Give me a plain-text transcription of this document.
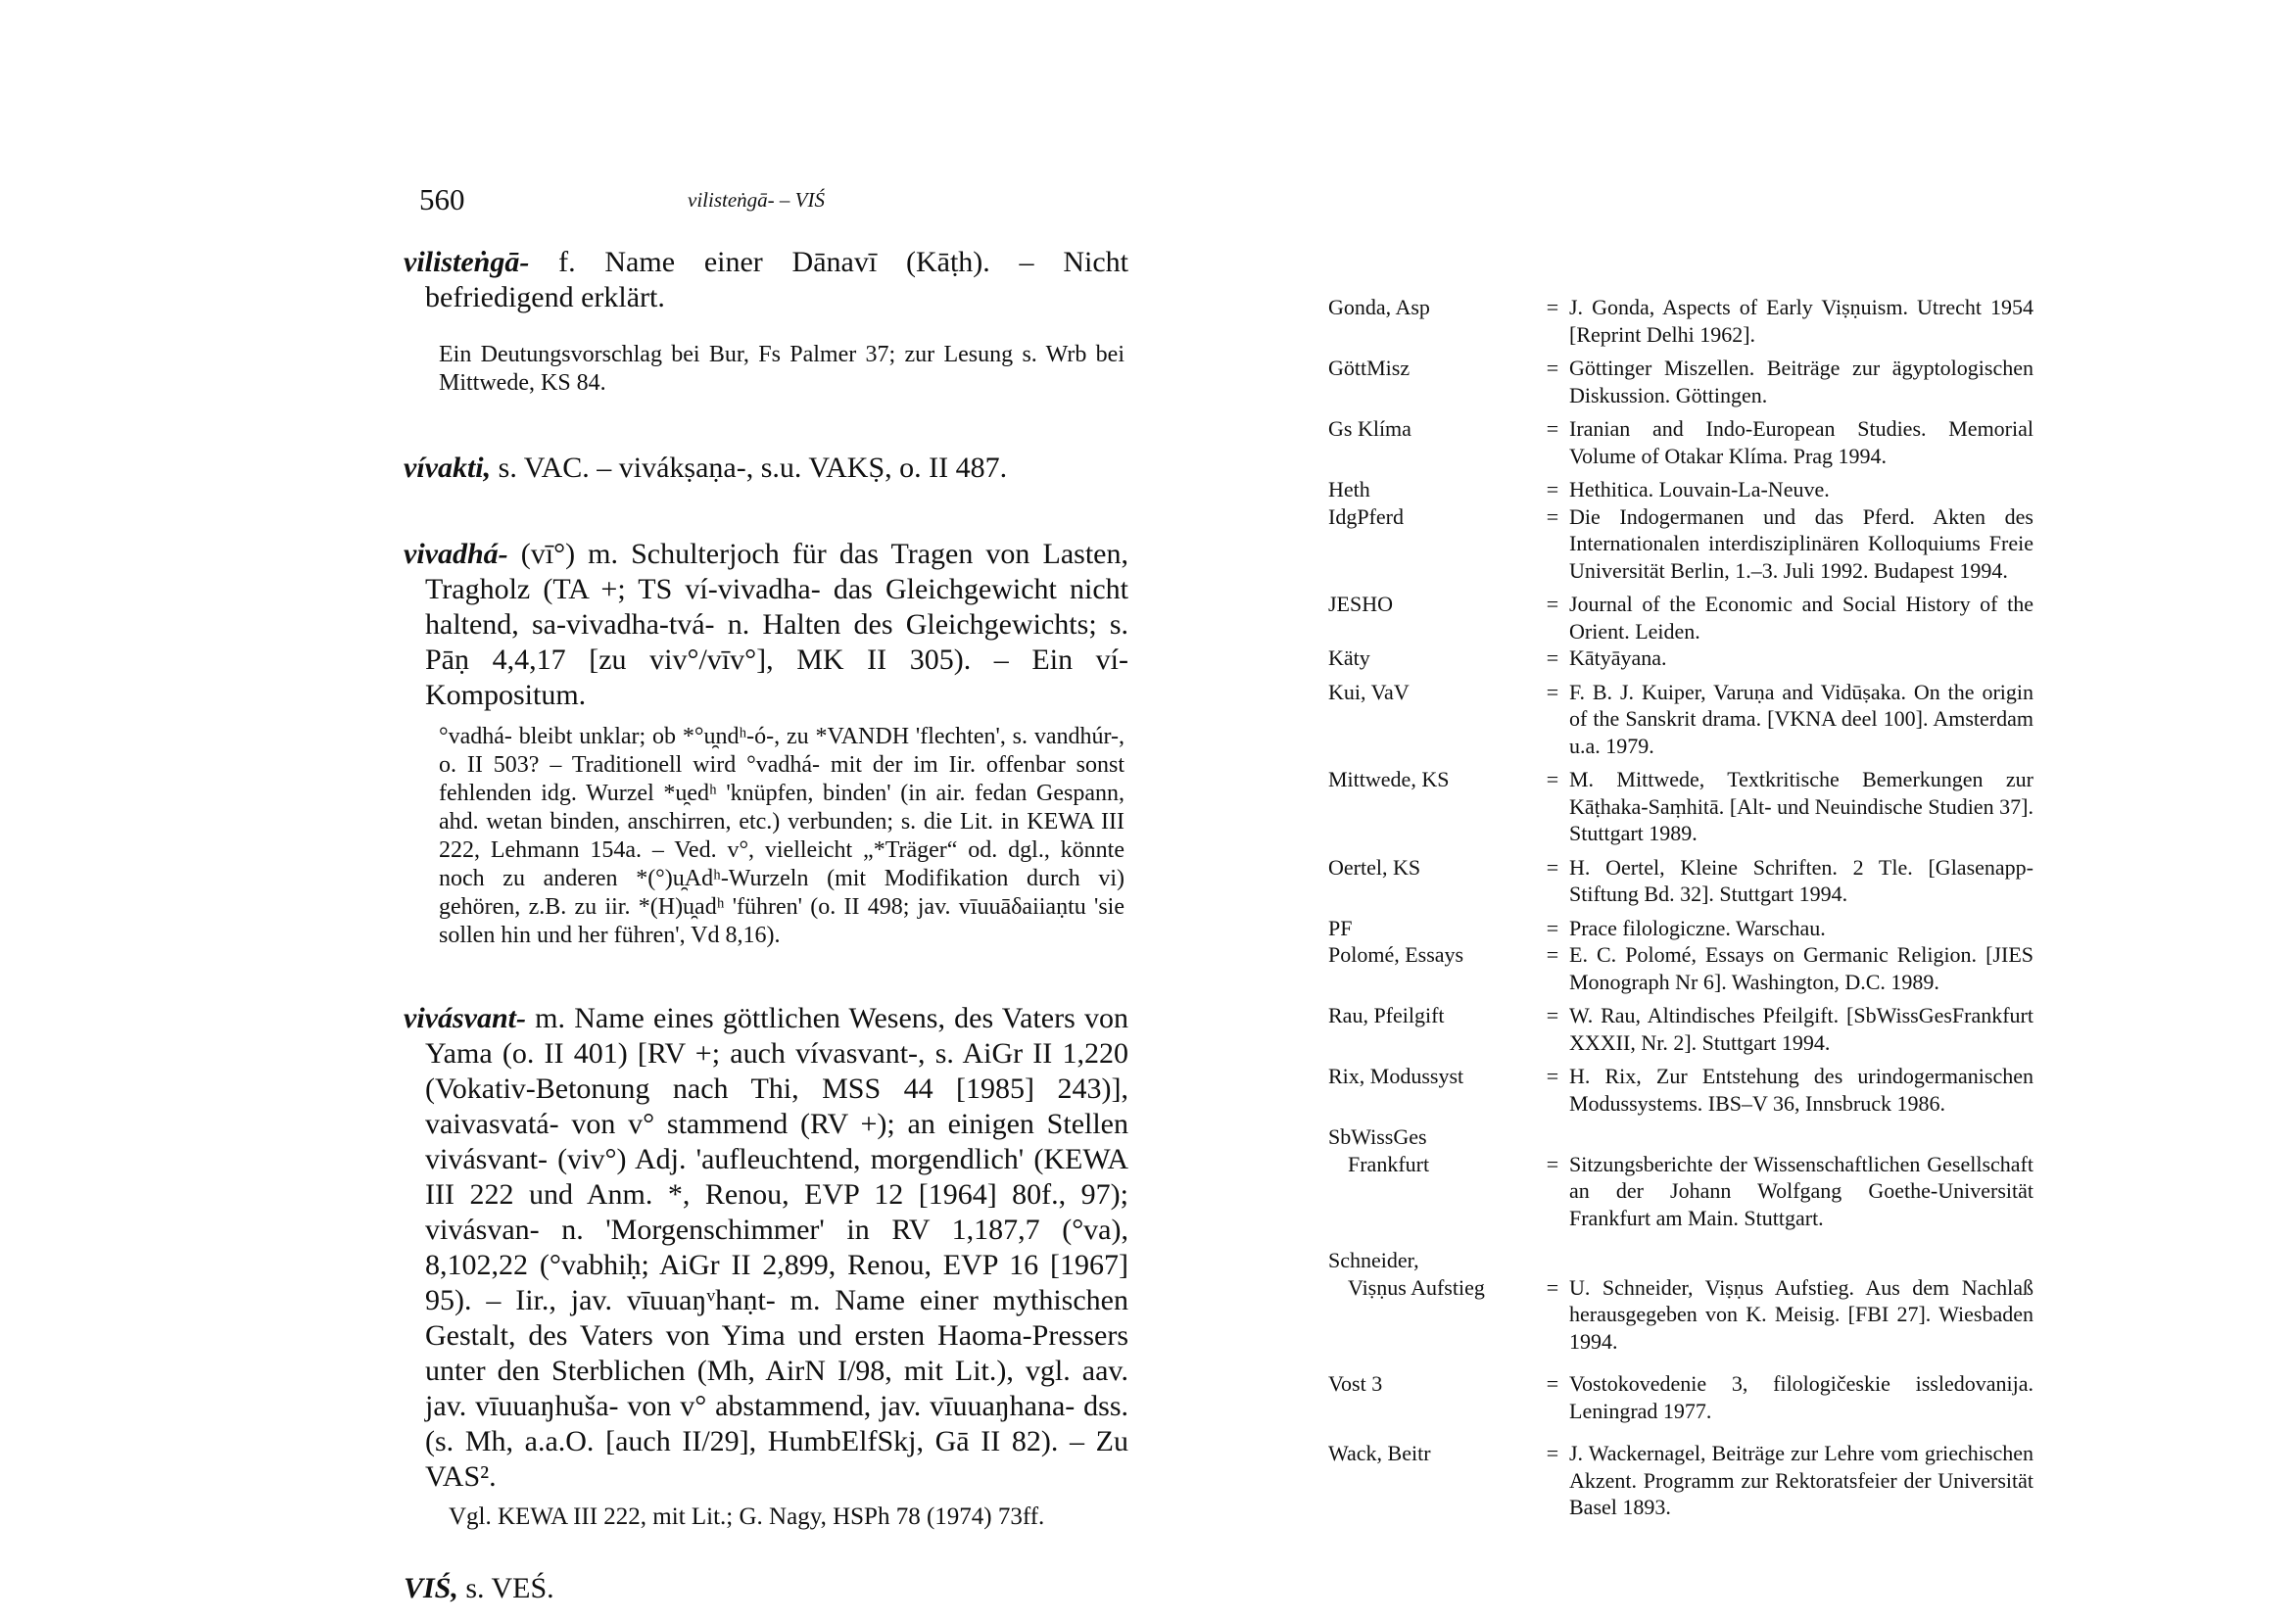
560	vilisteṅgā- – VIŚ
vilisteṅgā- f. Name einer Dānavī (Kāṭh). – Nicht befriedigend erklärt.
Ein Deutungsvorschlag bei Bur, Fs Palmer 37; zur Lesung s. Wrb bei Mittwede, KS 84.
vívakti, s. VAC. – vivákṣaṇa-, s.u. VAKṢ, o. II 487.
vivadhá- (vī°) m. Schulterjoch für das Tragen von Lasten, Tragholz (TA +; TS ví-vivadha- das Gleichgewicht nicht haltend, sa-vivadha-tvá- n. Halten des Gleichgewichts; s. Pāṇ 4,4,17 [zu viv°/vīv°], MK II 305). – Ein ví-Kompositum.
°vadhá- bleibt unklar; ob *°u̯ndʰ-ó-, zu *VANDH 'flechten', s. vandhúr-, o. II 503? – Traditionell wird °vadhá- mit der im Iir. offenbar sonst fehlenden idg. Wurzel *u̯edʰ 'knüpfen, binden' (in air. fedan Gespann, ahd. wetan binden, anschirren, etc.) verbunden; s. die Lit. in KEWA III 222, Lehmann 154a. – Ved. v°, vielleicht „*Träger“ od. dgl., könnte noch zu anderen *(°)u̯Adʰ-Wurzeln (mit Modifikation durch vi) gehören, z.B. zu iir. *(H)u̯adʰ 'führen' (o. II 498; jav. vīuuāδaiiaṇtu 'sie sollen hin und her führen', Vd 8,16).
vivásvant- m. Name eines göttlichen Wesens, des Vaters von Yama (o. II 401) [RV +; auch vívasvant-, s. AiGr II 1,220 (Vokativ-Betonung nach Thi, MSS 44 [1985] 243)], vaivasvatá- von v° stammend (RV +); an einigen Stellen vivásvant- (viv°) Adj. 'aufleuchtend, morgendlich' (KEWA III 222 und Anm. *, Renou, EVP 12 [1964] 80f., 97); vivásvan- n. 'Morgenschimmer' in RV 1,187,7 (°va), 8,102,22 (°vabhiḥ; AiGr II 2,899, Renou, EVP 16 [1967] 95). – Iir., jav. vīuuaŋᵛhaṇt- m. Name einer mythischen Gestalt, des Vaters von Yima und ersten Haoma-Pressers unter den Sterblichen (Mh, AirN I/98, mit Lit.), vgl. aav. jav. vīuuaŋhuša- von v° abstammend, jav. vīuuaŋhana- dss. (s. Mh, a.a.O. [auch II/29], HumbElfSkj, Gā II 82). – Zu VAS².
Vgl. KEWA III 222, mit Lit.; G. Nagy, HSPh 78 (1974) 73ff.
VIŚ, s. VEŚ.
Gonda, Asp	= J. Gonda, Aspects of Early Viṣṇuism. Utrecht 1954 [Reprint Delhi 1962].
GöttMisz	= Göttinger Miszellen. Beiträge zur ägyptologischen Diskussion. Göttingen.
Gs Klíma	= Iranian and Indo-European Studies. Memorial Volume of Otakar Klíma. Prag 1994.
Heth	= Hethitica. Louvain-La-Neuve.
IdgPferd	= Die Indogermanen und das Pferd. Akten des Internationalen interdisziplinären Kolloquiums Freie Universität Berlin, 1.–3. Juli 1992. Budapest 1994.
JESHO	= Journal of the Economic and Social History of the Orient. Leiden.
Käty	= Kātyāyana.
Kui, VaV	= F. B. J. Kuiper, Varuṇa and Vidūṣaka. On the origin of the Sanskrit drama. [VKNA deel 100]. Amsterdam u.a. 1979.
Mittwede, KS	= M. Mittwede, Textkritische Bemerkungen zur Kāṭhaka-Saṃhitā. [Alt- und Neuindische Studien 37]. Stuttgart 1989.
Oertel, KS	= H. Oertel, Kleine Schriften. 2 Tle. [Glasenapp-Stiftung Bd. 32]. Stuttgart 1994.
PF	= Prace filologiczne. Warschau.
Polomé, Essays	= E. C. Polomé, Essays on Germanic Religion. [JIES Monograph Nr 6]. Washington, D.C. 1989.
Rau, Pfeilgift	= W. Rau, Altindisches Pfeilgift. [SbWissGesFrankfurt XXXII, Nr. 2]. Stuttgart 1994.
Rix, Modussyst	= H. Rix, Zur Entstehung des urindogermanischen Modussystems. IBS–V 36, Innsbruck 1986.
SbWissGes
Frankfurt	= Sitzungsberichte der Wissenschaftlichen Gesellschaft an der Johann Wolfgang Goethe-Universität Frankfurt am Main. Stuttgart.
Schneider,
Viṣṇus Aufstieg	= U. Schneider, Viṣṇus Aufstieg. Aus dem Nachlaß herausgegeben von K. Meisig. [FBI 27]. Wiesbaden 1994.
Vost 3	= Vostokovedenie 3, filologičeskie issledovanija. Leningrad 1977.
Wack, Beitr	= J. Wackernagel, Beiträge zur Lehre vom griechischen Akzent. Programm zur Rektoratsfeier der Universität Basel 1893.
